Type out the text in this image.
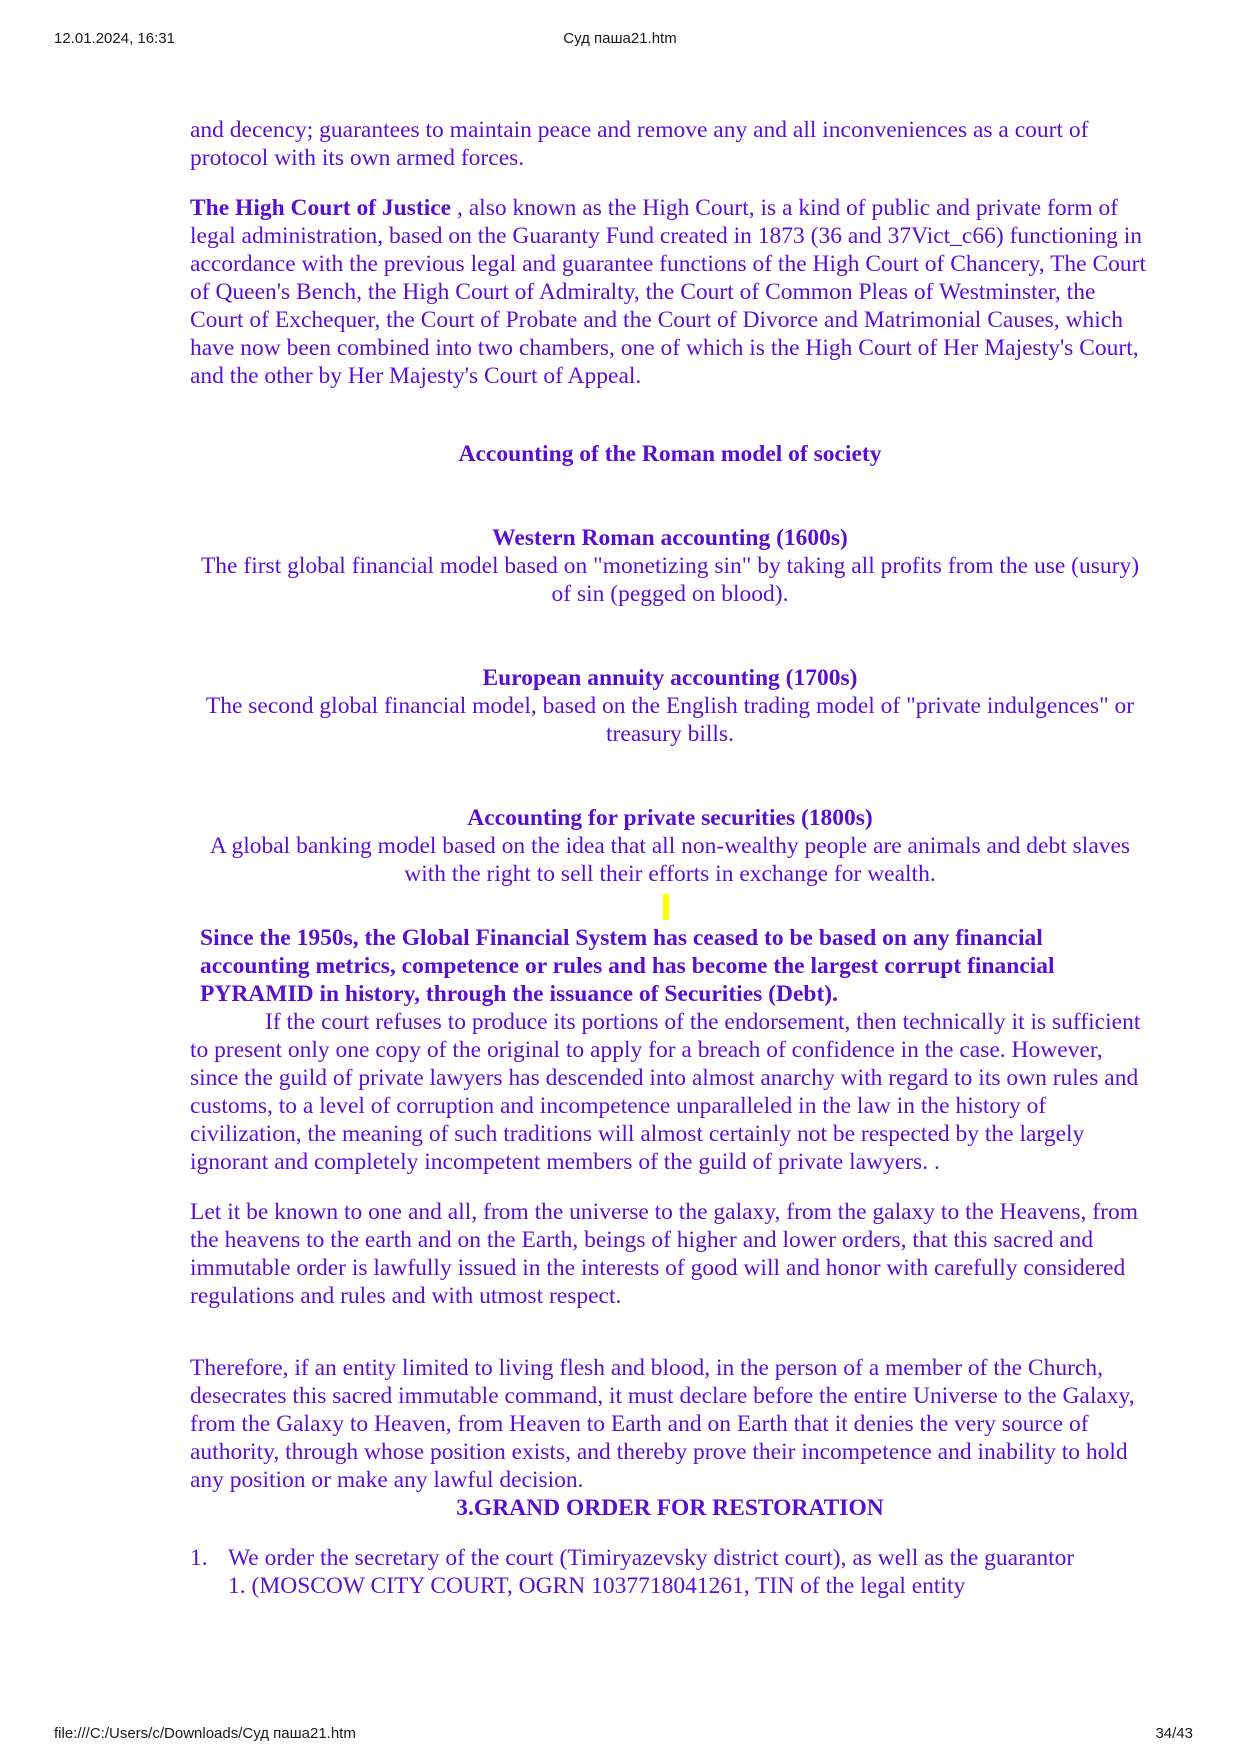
12.01.2024, 16:31	Суд паша21.htm

and decency; guarantees to maintain peace and remove any and all inconveniences as a court of protocol with its own armed forces.

The High Court of Justice , also known as the High Court, is a kind of public and private form of legal administration, based on the Guaranty Fund created in 1873 (36 and 37Vict_c66) functioning in accordance with the previous legal and guarantee functions of the High Court of Chancery, The Court of Queen's Bench, the High Court of Admiralty, the Court of Common Pleas of Westminster, the Court of Exchequer, the Court of Probate and the Court of Divorce and Matrimonial Causes, which have now been combined into two chambers, one of which is the High Court of Her Majesty's Court, and the other by Her Majesty's Court of Appeal.

Accounting of the Roman model of society

Western Roman accounting (1600s)

The first global financial model based on "monetizing sin" by taking all profits from the use (usury) of sin (pegged on blood).

European annuity accounting (1700s)

The second global financial model, based on the English trading model of "private indulgences" or treasury bills.

Accounting for private securities (1800s)

A global banking model based on the idea that all non-wealthy people are animals and debt slaves with the right to sell their efforts in exchange for wealth.

Since the 1950s, the Global Financial System has ceased to be based on any financial accounting metrics, competence or rules and has become the largest corrupt financial PYRAMID in history, through the issuance of Securities (Debt).

If the court refuses to produce its portions of the endorsement, then technically it is sufficient to present only one copy of the original to apply for a breach of confidence in the case. However, since the guild of private lawyers has descended into almost anarchy with regard to its own rules and customs, to a level of corruption and incompetence unparalleled in the law in the history of civilization, the meaning of such traditions will almost certainly not be respected by the largely ignorant and completely incompetent members of the guild of private lawyers. .

Let it be known to one and all, from the universe to the galaxy, from the galaxy to the Heavens, from the heavens to the earth and on the Earth, beings of higher and lower orders, that this sacred and immutable order is lawfully issued in the interests of good will and honor with carefully considered regulations and rules and with utmost respect.

Therefore, if an entity limited to living flesh and blood, in the person of a member of the Church, desecrates this sacred immutable command, it must declare before the entire Universe to the Galaxy, from the Galaxy to Heaven, from Heaven to Earth and on Earth that it denies the very source of authority, through whose position exists, and thereby prove their incompetence and inability to hold any position or make any lawful decision.

3.GRAND ORDER FOR RESTORATION

1. We order the secretary of the court (Timiryazevsky district court), as well as the guarantor
1. (MOSCOW CITY COURT, OGRN 1037718041261, TIN of the legal entity
file:///C:/Users/c/Downloads/Суд паша21.htm	34/43
